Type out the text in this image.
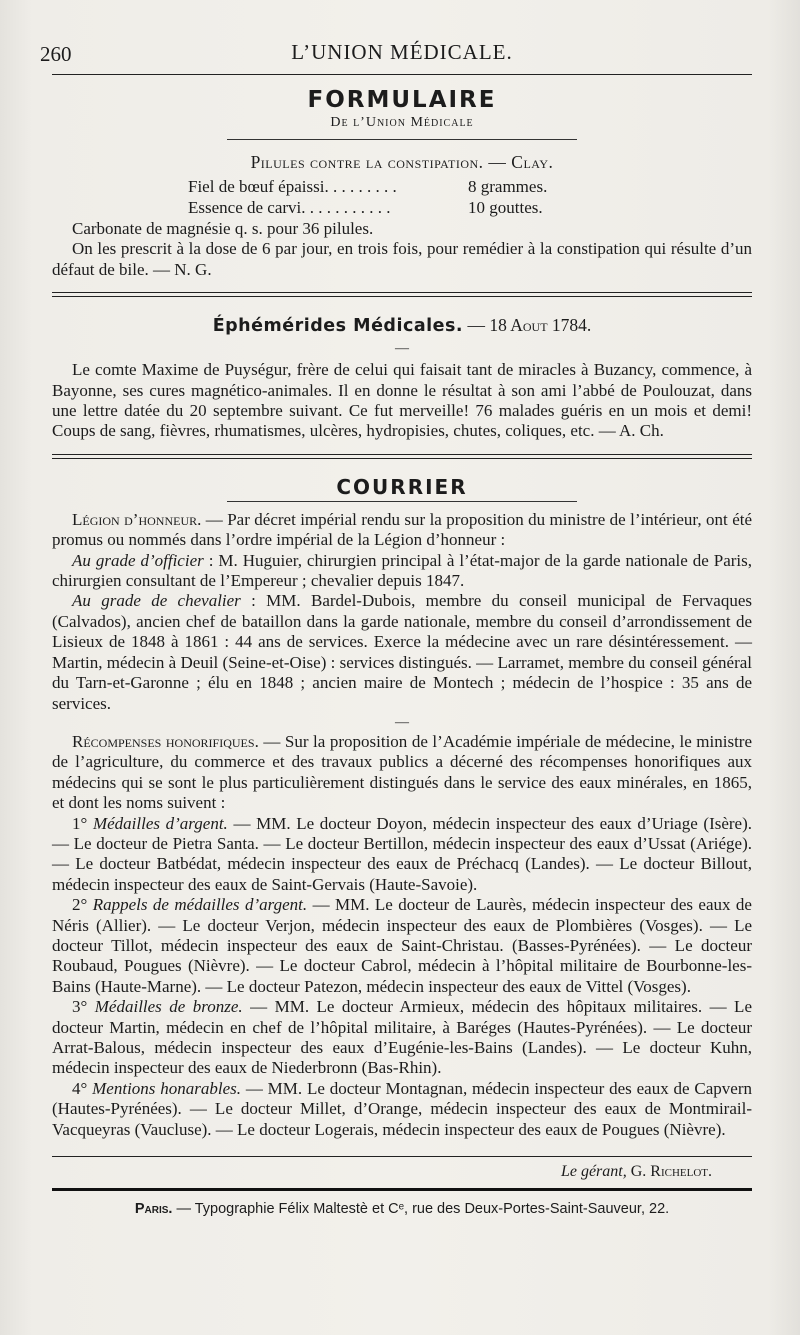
260	L’UNION MÉDICALE.
FORMULAIRE
De l’Union Médicale
Pilules contre la constipation. — Clay.
Fiel de bœuf épaissi. . . . . . . . .	8 grammes.
Essence de carvi. . . . . . . . . . .	10 gouttes.

Carbonate de magnésie q. s. pour 36 pilules.

On les prescrit à la dose de 6 par jour, en trois fois, pour remédier à la constipation qui résulte d’un défaut de bile. — N. G.

Éphémérides Médicales. — 18 Aout 1784.
—

Le comte Maxime de Puységur, frère de celui qui faisait tant de miracles à Buzancy, commence, à Bayonne, ses cures magnético-animales. Il en donne le résultat à son ami l’abbé de Poulouzat, dans une lettre datée du 20 septembre suivant. Ce fut merveille! 76 malades guéris en un mois et demi! Coups de sang, fièvres, rhumatismes, ulcères, hydropisies, chutes, coliques, etc. — A. Ch.

COURRIER

Légion d’honneur. — Par décret impérial rendu sur la proposition du ministre de l’intérieur, ont été promus ou nommés dans l’ordre impérial de la Légion d’honneur :

Au grade d’officier : M. Huguier, chirurgien principal à l’état-major de la garde nationale de Paris, chirurgien consultant de l’Empereur ; chevalier depuis 1847.

Au grade de chevalier : MM. Bardel-Dubois, membre du conseil municipal de Fervaques (Calvados), ancien chef de bataillon dans la garde nationale, membre du conseil d’arrondissement de Lisieux de 1848 à 1861 : 44 ans de services. Exerce la médecine avec un rare désintéressement. — Martin, médecin à Deuil (Seine-et-Oise) : services distingués. — Larramet, membre du conseil général du Tarn-et-Garonne ; élu en 1848 ; ancien maire de Montech ; médecin de l’hospice : 35 ans de services.

—

Récompenses honorifiques. — Sur la proposition de l’Académie impériale de médecine, le ministre de l’agriculture, du commerce et des travaux publics a décerné des récompenses honorifiques aux médecins qui se sont le plus particulièrement distingués dans le service des eaux minérales, en 1865, et dont les noms suivent :

1° Médailles d’argent. — MM. Le docteur Doyon, médecin inspecteur des eaux d’Uriage (Isère). — Le docteur de Pietra Santa. — Le docteur Bertillon, médecin inspecteur des eaux d’Ussat (Ariége). — Le docteur Batbédat, médecin inspecteur des eaux de Préchacq (Landes). — Le docteur Billout, médecin inspecteur des eaux de Saint-Gervais (Haute-Savoie).

2° Rappels de médailles d’argent. — MM. Le docteur de Laurès, médecin inspecteur des eaux de Néris (Allier). — Le docteur Verjon, médecin inspecteur des eaux de Plombières (Vosges). — Le docteur Tillot, médecin inspecteur des eaux de Saint-Christau. (Basses-Pyrénées). — Le docteur Roubaud, Pougues (Nièvre). — Le docteur Cabrol, médecin à l’hôpital militaire de Bourbonne-les-Bains (Haute-Marne). — Le docteur Patezon, médecin inspecteur des eaux de Vittel (Vosges).

3° Médailles de bronze. — MM. Le docteur Armieux, médecin des hôpitaux militaires. — Le docteur Martin, médecin en chef de l’hôpital militaire, à Baréges (Hautes-Pyrénées). — Le docteur Arrat-Balous, médecin inspecteur des eaux d’Eugénie-les-Bains (Landes). — Le docteur Kuhn, médecin inspecteur des eaux de Niederbronn (Bas-Rhin).

4° Mentions honarables. — MM. Le docteur Montagnan, médecin inspecteur des eaux de Capvern (Hautes-Pyrénées). — Le docteur Millet, d’Orange, médecin inspecteur des eaux de Montmirail-Vacqueyras (Vaucluse). — Le docteur Logerais, médecin inspecteur des eaux de Pougues (Nièvre).

Le gérant, G. Richelot.
Paris. — Typographie Félix Maltestè et Cᵉ, rue des Deux-Portes-Saint-Sauveur, 22.
